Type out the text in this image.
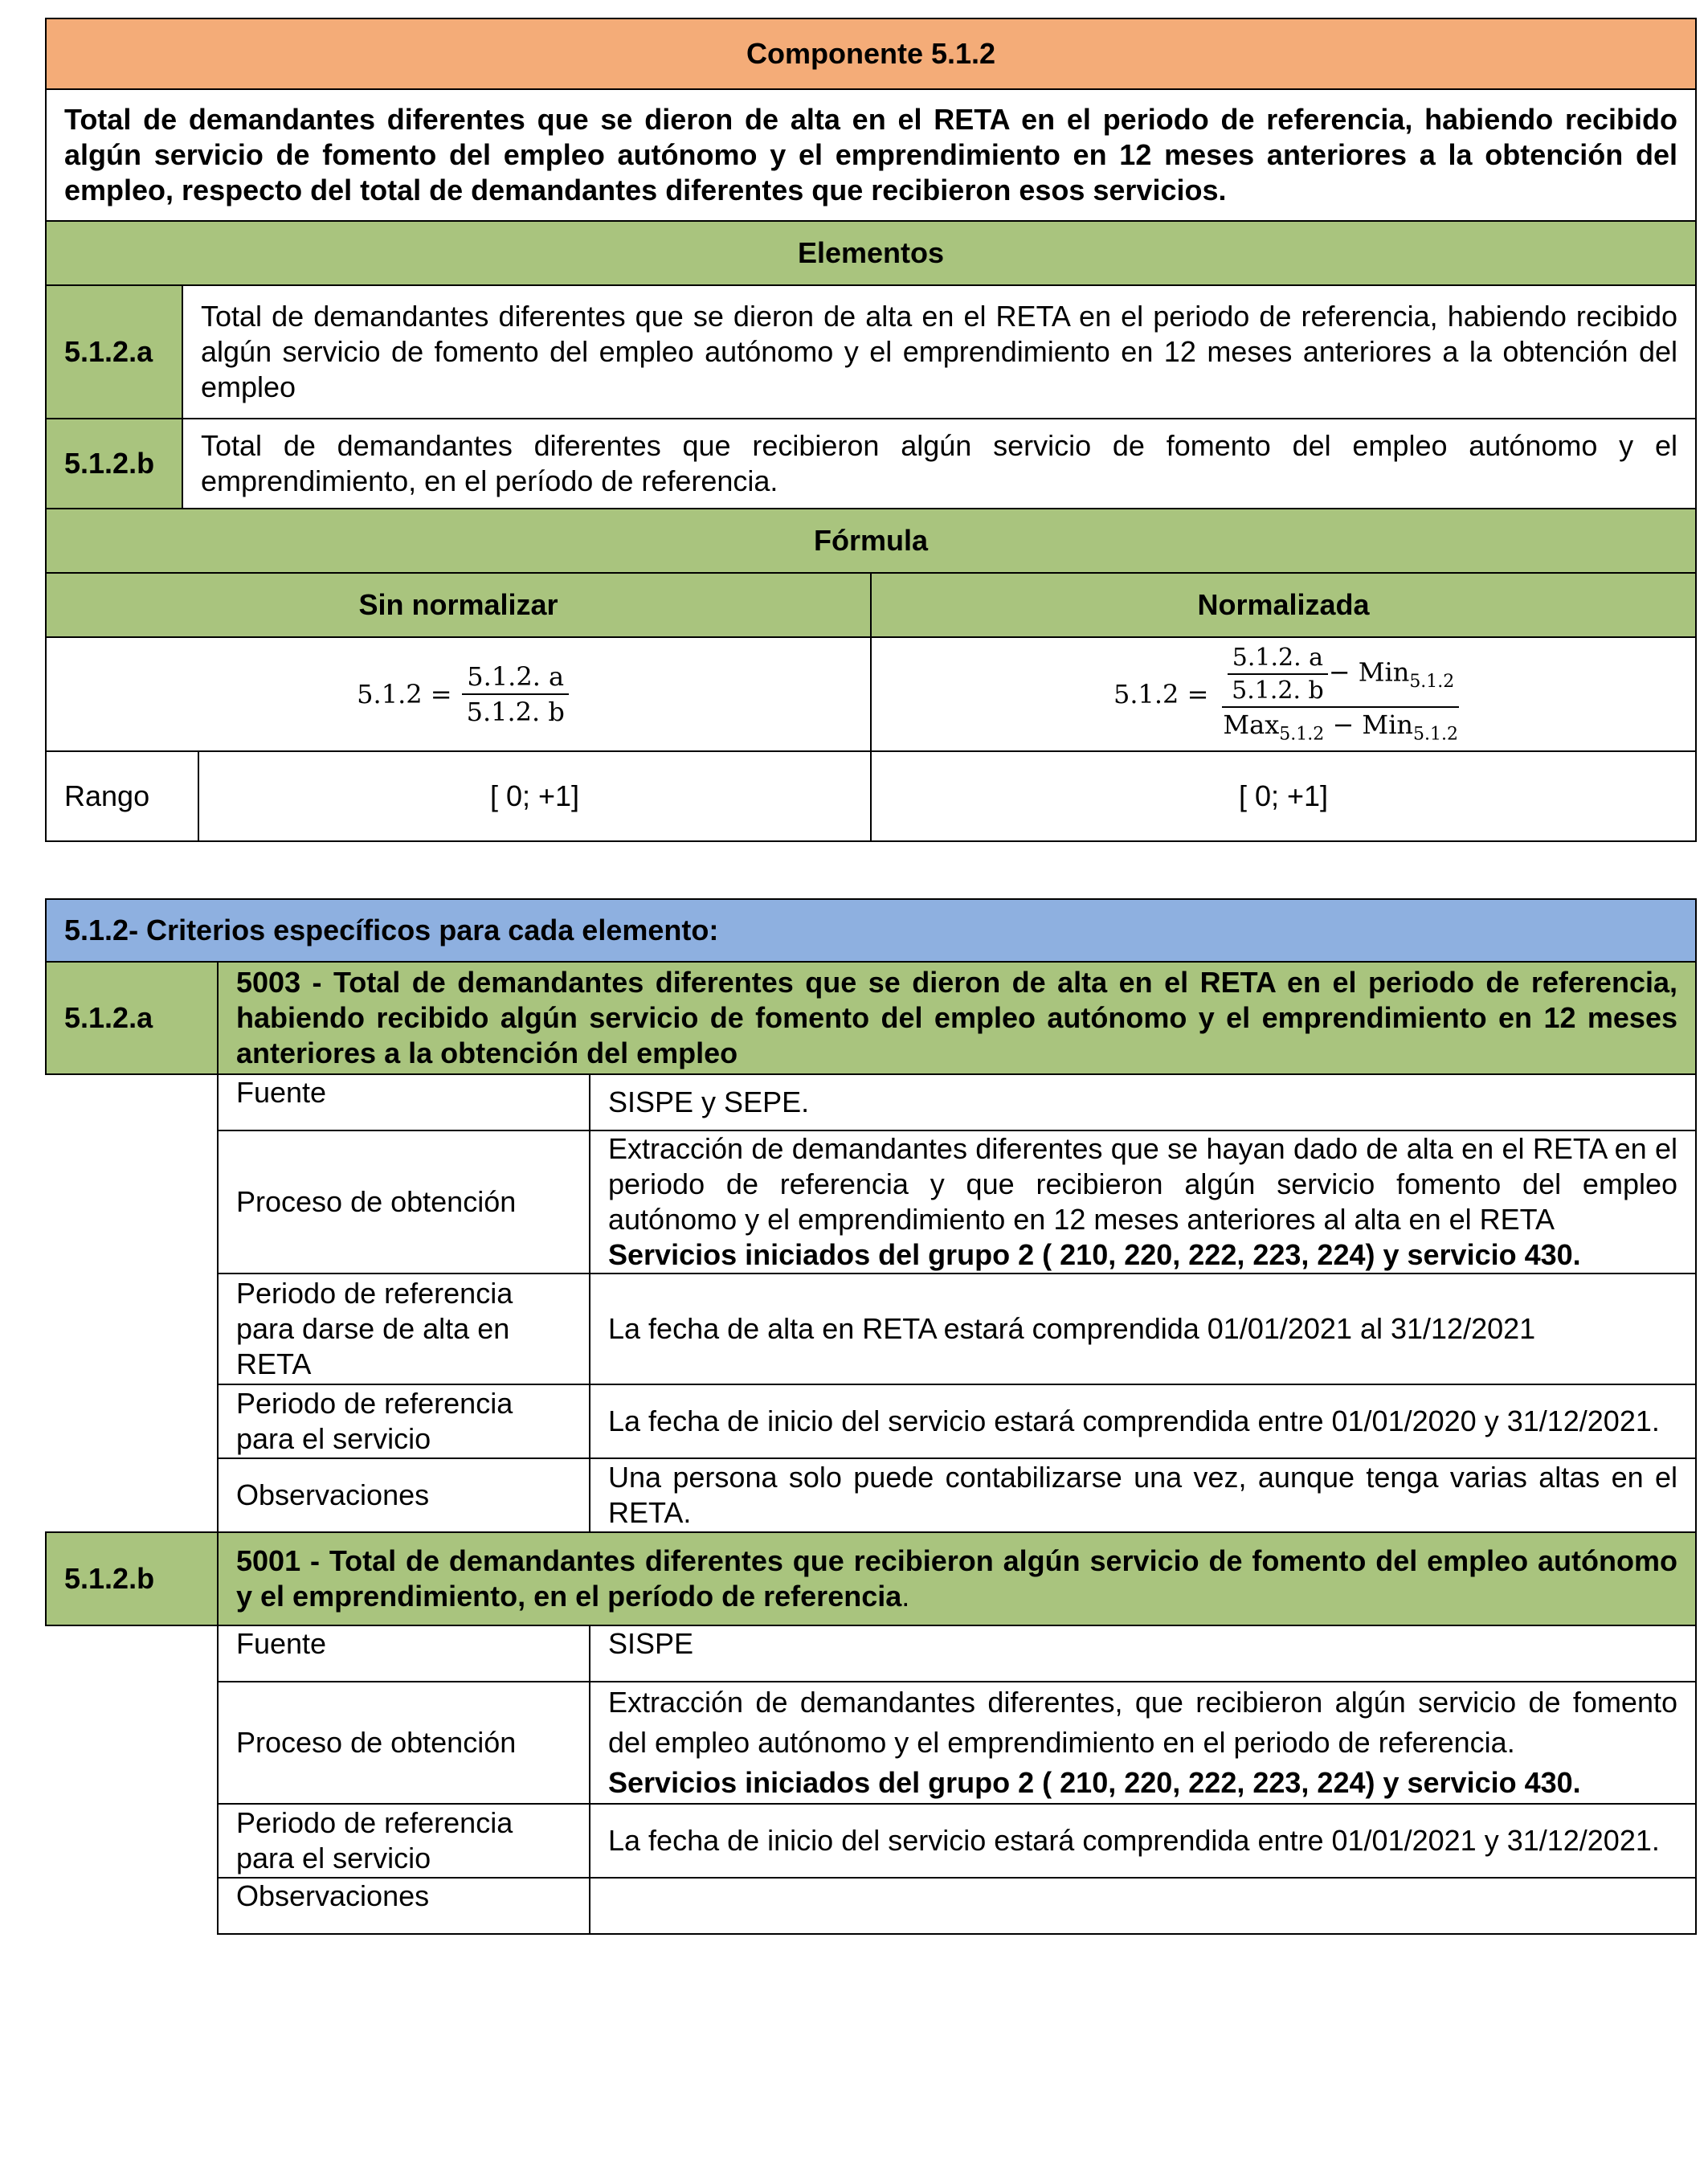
Componente 5.1.2			
Total de demandantes diferentes que se dieron de alta en el RETA en el periodo de referencia, habiendo recibido algún servicio de fomento del empleo autónomo y el emprendimiento en 12 meses anteriores a la obtención del empleo, respecto del total de demandantes diferentes que recibieron esos servicios.			
Elementos			
5.1.2.a	Total de demandantes diferentes que se dieron de alta en el RETA en el periodo de referencia, habiendo recibido algún servicio de fomento del empleo autónomo y el emprendimiento en 12 meses anteriores a la obtención del empleo		
5.1.2.b	Total de demandantes diferentes que recibieron algún servicio de fomento del empleo autónomo y el emprendimiento, en el período de referencia.		
Fórmula			
Sin normalizar			Normalizada
$5.1.2 = \frac{5.1.2. a}{5.1.2. b}$			$5.1.2 = \frac{\frac{5.1.2. a}{5.1.2. b} - Min_{5.1.2}}{Max_{5.1.2} - Min_{5.1.2}}$

Rango		[ 0; +1]	[ 0; +1]
5.1.2- Criterios específicos para cada elemento:		
5.1.2.a	5003 - Total de demandantes diferentes que se dieron de alta en el RETA en el periodo de referencia, habiendo recibido algún servicio de fomento del empleo autónomo y el emprendimiento en 12 meses anteriores a la obtención del empleo	
	Fuente	SISPE y SEPE.
	Proceso de obtención	Extracción de demandantes diferentes que se hayan dado de alta en el RETA en el periodo de referencia y que recibieron algún servicio fomento del empleo autónomo y el emprendimiento en 12 meses anteriores al alta en el RETA
Servicios iniciados del grupo 2 ( 210, 220, 222, 223, 224) y servicio 430.
	Periodo de referencia para darse de alta en RETA	La fecha de alta en RETA estará comprendida 01/01/2021 al 31/12/2021
	Periodo de referencia para el servicio	La fecha de inicio del servicio estará comprendida entre 01/01/2020 y 31/12/2021.
	Observaciones	Una persona solo puede contabilizarse una vez, aunque tenga varias altas en el RETA.
5.1.2.b	5001 - Total de demandantes diferentes que recibieron algún servicio de fomento del empleo autónomo y el emprendimiento, en el período de referencia.	
	Fuente	SISPE
	Proceso de obtención	Extracción de demandantes diferentes, que recibieron algún servicio de fomento del empleo autónomo y el emprendimiento en el periodo de referencia.
Servicios iniciados del grupo 2 ( 210, 220, 222, 223, 224) y servicio 430.
	Periodo de referencia para el servicio	La fecha de inicio del servicio estará comprendida entre 01/01/2021 y 31/12/2021.
	Observaciones	
